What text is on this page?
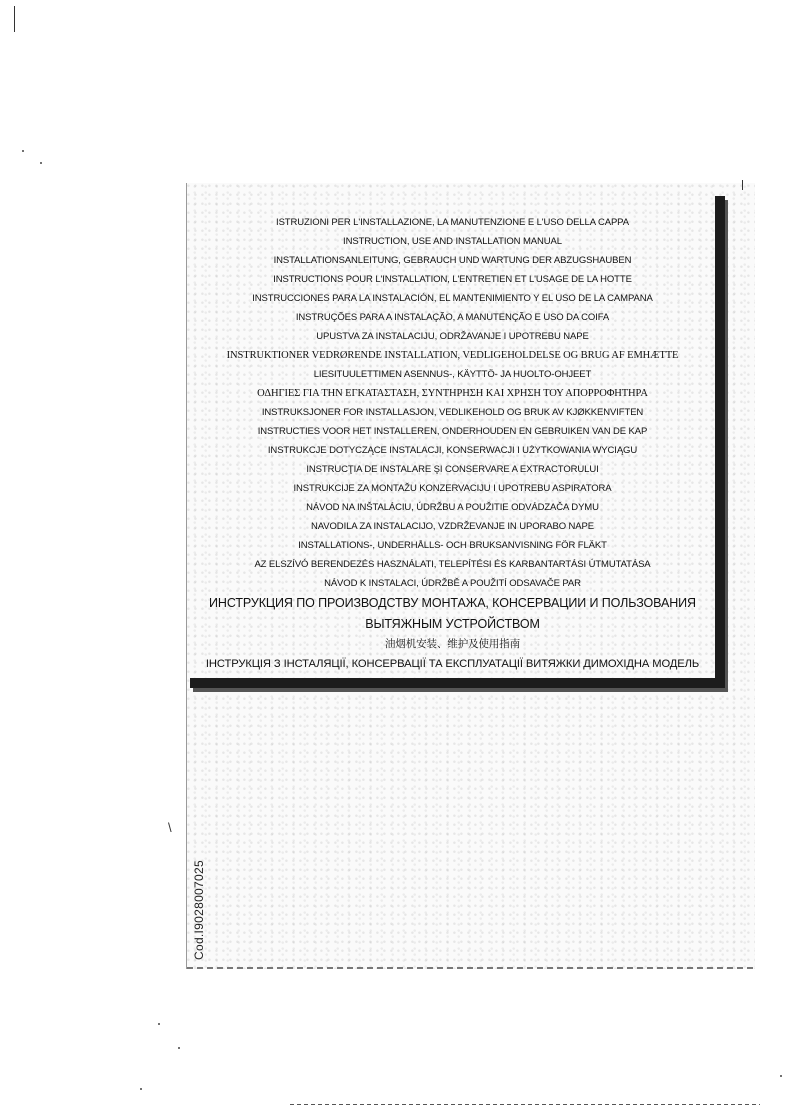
\
ISTRUZIONI PER L'INSTALLAZIONE, LA MANUTENZIONE E L'USO DELLA CAPPA
INSTRUCTION, USE AND INSTALLATION MANUAL
INSTALLATIONSANLEITUNG, GEBRAUCH UND WARTUNG DER ABZUGSHAUBEN
INSTRUCTIONS POUR L'INSTALLATION, L'ENTRETIEN ET L'USAGE DE LA HOTTE
INSTRUCCIONES PARA LA INSTALACIÓN, EL MANTENIMIENTO Y EL USO DE LA CAMPANA
INSTRUÇÕES PARA A INSTALAÇÃO, A MANUTENÇÃO E USO DA COIFA
UPUSTVA ZA INSTALACIJU, ODRŽAVANJE I UPOTREBU NAPE
INSTRUKTIONER VEDRØRENDE INSTALLATION, VEDLIGEHOLDELSE OG BRUG AF EMHÆTTE
LIESITUULETTIMEN ASENNUS-, KÄYTTÖ- JA HUOLTO-OHJEET
ΟΔΗΓΙΕΣ ΓΙΑ ΤΗΝ ΕΓΚΑΤΑΣΤΑΣΗ, ΣΥΝΤΗΡΗΣΗ ΚΑΙ ΧΡΗΣΗ ΤΟΥ ΑΠΟΡΡΟΦΗΤΗΡΑ
INSTRUKSJONER FOR INSTALLASJON, VEDLIKEHOLD OG BRUK AV KJØKKENVIFTEN
INSTRUCTIES VOOR HET INSTALLEREN, ONDERHOUDEN EN GEBRUIKEN VAN DE KAP
INSTRUKCJE DOTYCZĄCE INSTALACJI, KONSERWACJI I UŻYTKOWANIA WYCIĄGU
INSTRUCŢIA DE INSTALARE ŞI CONSERVARE A EXTRACTORULUI
INSTRUKCIJE ZA MONTAŽU KONZERVACIJU I UPOTREBU ASPIRATORA
NÁVOD NA INŠTALÁCIU, ÚDRŽBU A POUŽITIE ODVÁDZAČA DYMU
NAVODILA ZA INSTALACIJO, VZDRŽEVANJE IN UPORABO NAPE
INSTALLATIONS-, UNDERHÅLLS- OCH BRUKSANVISNING FÖR FLÄKT
AZ ELSZÍVÓ BERENDEZÉS HASZNÁLATI, TELEPÍTÉSI ÉS KARBANTARTÁSI ÚTMUTATÁSA
NÁVOD K INSTALACI, ÚDRŽBĚ A POUŽITÍ ODSAVAČE PAR
ИНСТРУКЦИЯ ПО ПРОИЗВОДСТВУ МОНТАЖА, КОНСЕРВАЦИИ И ПОЛЬЗОВАНИЯ
ВЫТЯЖНЫМ УСТРОЙСТВОМ
油烟机安装、维护及使用指南
ІНСТРУКЦІЯ З ІНСТАЛЯЦІЇ, КОНСЕРВАЦІЇ ТА ЕКСПЛУАТАЦІЇ ВИТЯЖКИ ДИМОХІДНА МОДЕЛЬ
Cod.I9028007025
